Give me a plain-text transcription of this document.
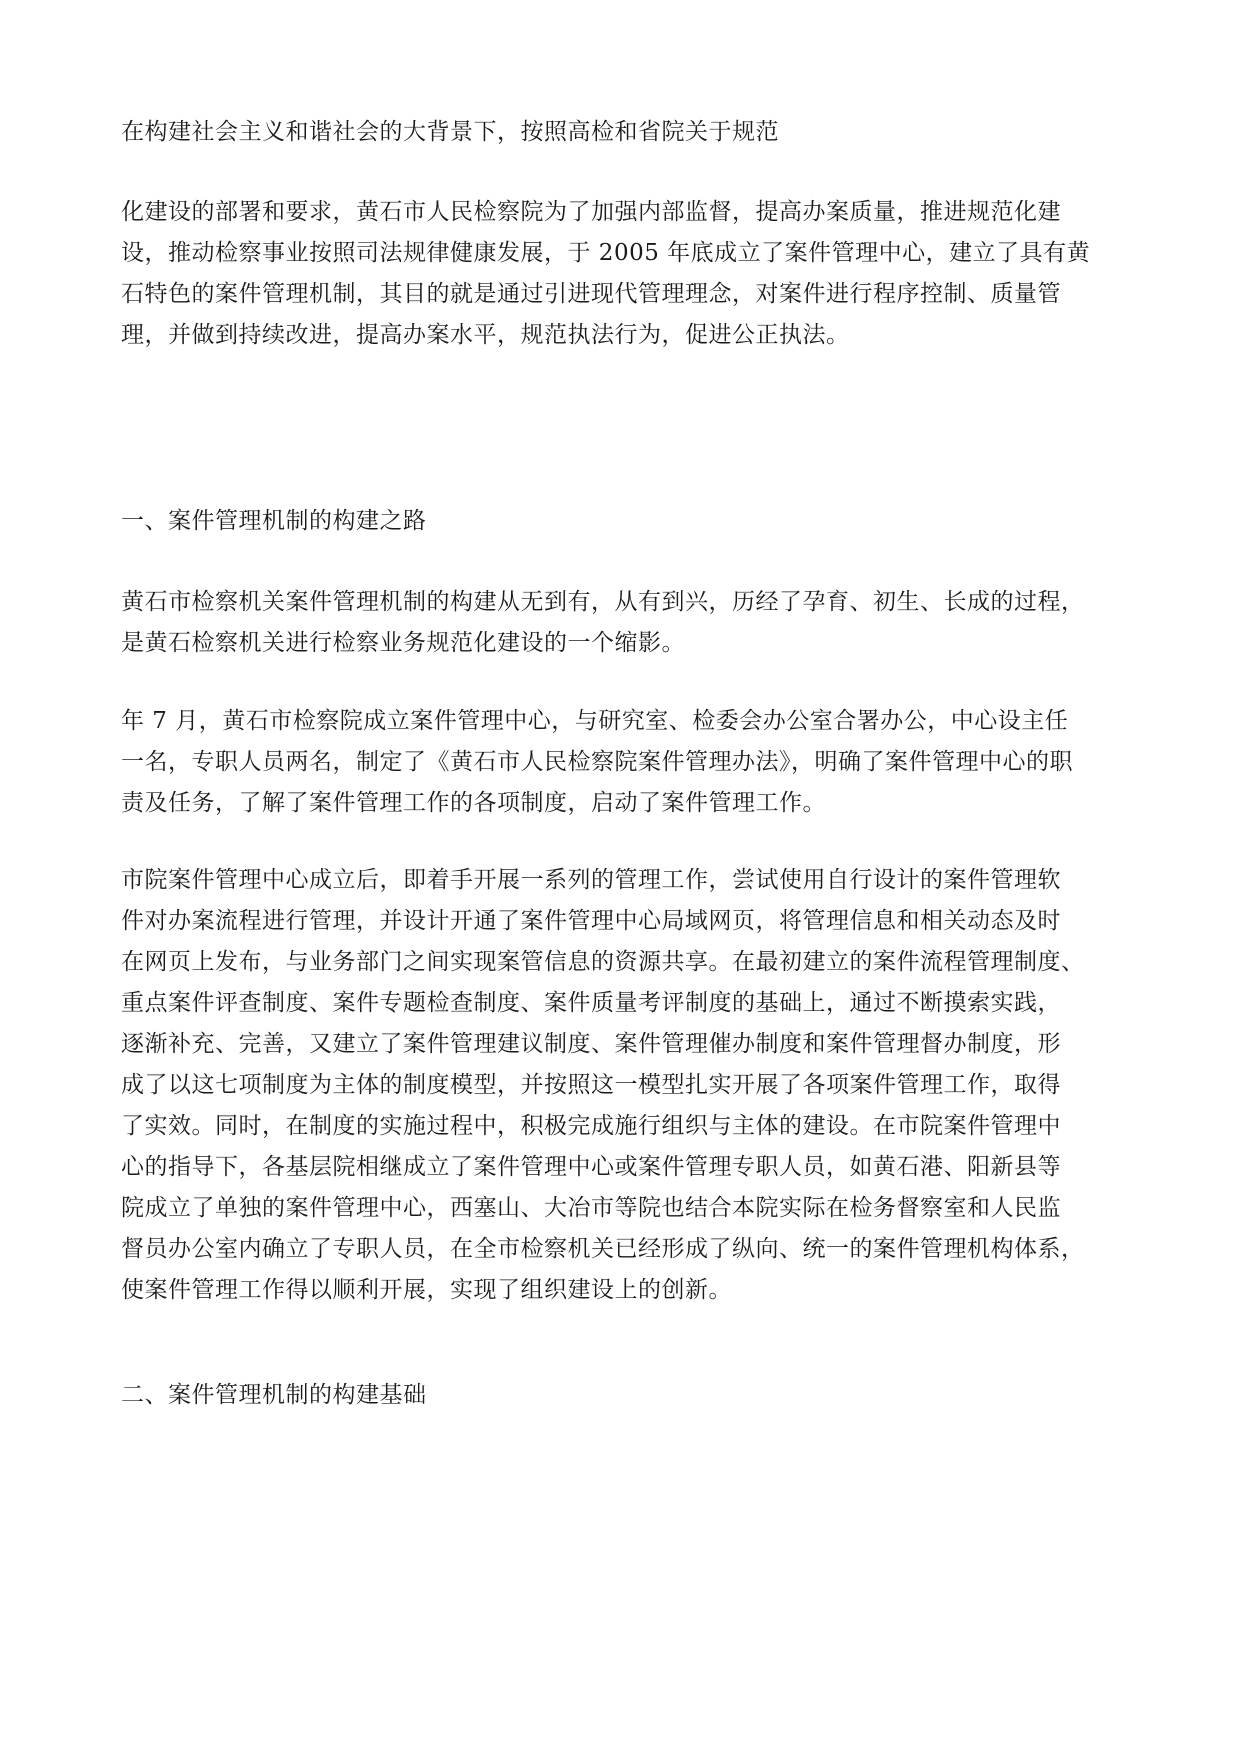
在构建社会主义和谐社会的大背景下，按照高检和省院关于规范
化建设的部署和要求，黄石市人民检察院为了加强内部监督，提高办案质量，推进规范化建
设，推动检察事业按照司法规律健康发展，于 2005 年底成立了案件管理中心，建立了具有黄
石特色的案件管理机制，其目的就是通过引进现代管理理念，对案件进行程序控制、质量管
理，并做到持续改进，提高办案水平，规范执法行为，促进公正执法。
一、案件管理机制的构建之路
黄石市检察机关案件管理机制的构建从无到有，从有到兴，历经了孕育、初生、长成的过程，
是黄石检察机关进行检察业务规范化建设的一个缩影。
年 7 月，黄石市检察院成立案件管理中心，与研究室、检委会办公室合署办公，中心设主任
一名，专职人员两名，制定了《黄石市人民检察院案件管理办法》，明确了案件管理中心的职
责及任务，了解了案件管理工作的各项制度，启动了案件管理工作。
市院案件管理中心成立后，即着手开展一系列的管理工作，尝试使用自行设计的案件管理软
件对办案流程进行管理，并设计开通了案件管理中心局域网页，将管理信息和相关动态及时
在网页上发布，与业务部门之间实现案管信息的资源共享。在最初建立的案件流程管理制度、
重点案件评查制度、案件专题检查制度、案件质量考评制度的基础上，通过不断摸索实践，
逐渐补充、完善，又建立了案件管理建议制度、案件管理催办制度和案件管理督办制度，形
成了以这七项制度为主体的制度模型，并按照这一模型扎实开展了各项案件管理工作，取得
了实效。同时，在制度的实施过程中，积极完成施行组织与主体的建设。在市院案件管理中
心的指导下，各基层院相继成立了案件管理中心或案件管理专职人员，如黄石港、阳新县等
院成立了单独的案件管理中心，西塞山、大冶市等院也结合本院实际在检务督察室和人民监
督员办公室内确立了专职人员，在全市检察机关已经形成了纵向、统一的案件管理机构体系，
使案件管理工作得以顺利开展，实现了组织建设上的创新。
二、案件管理机制的构建基础
